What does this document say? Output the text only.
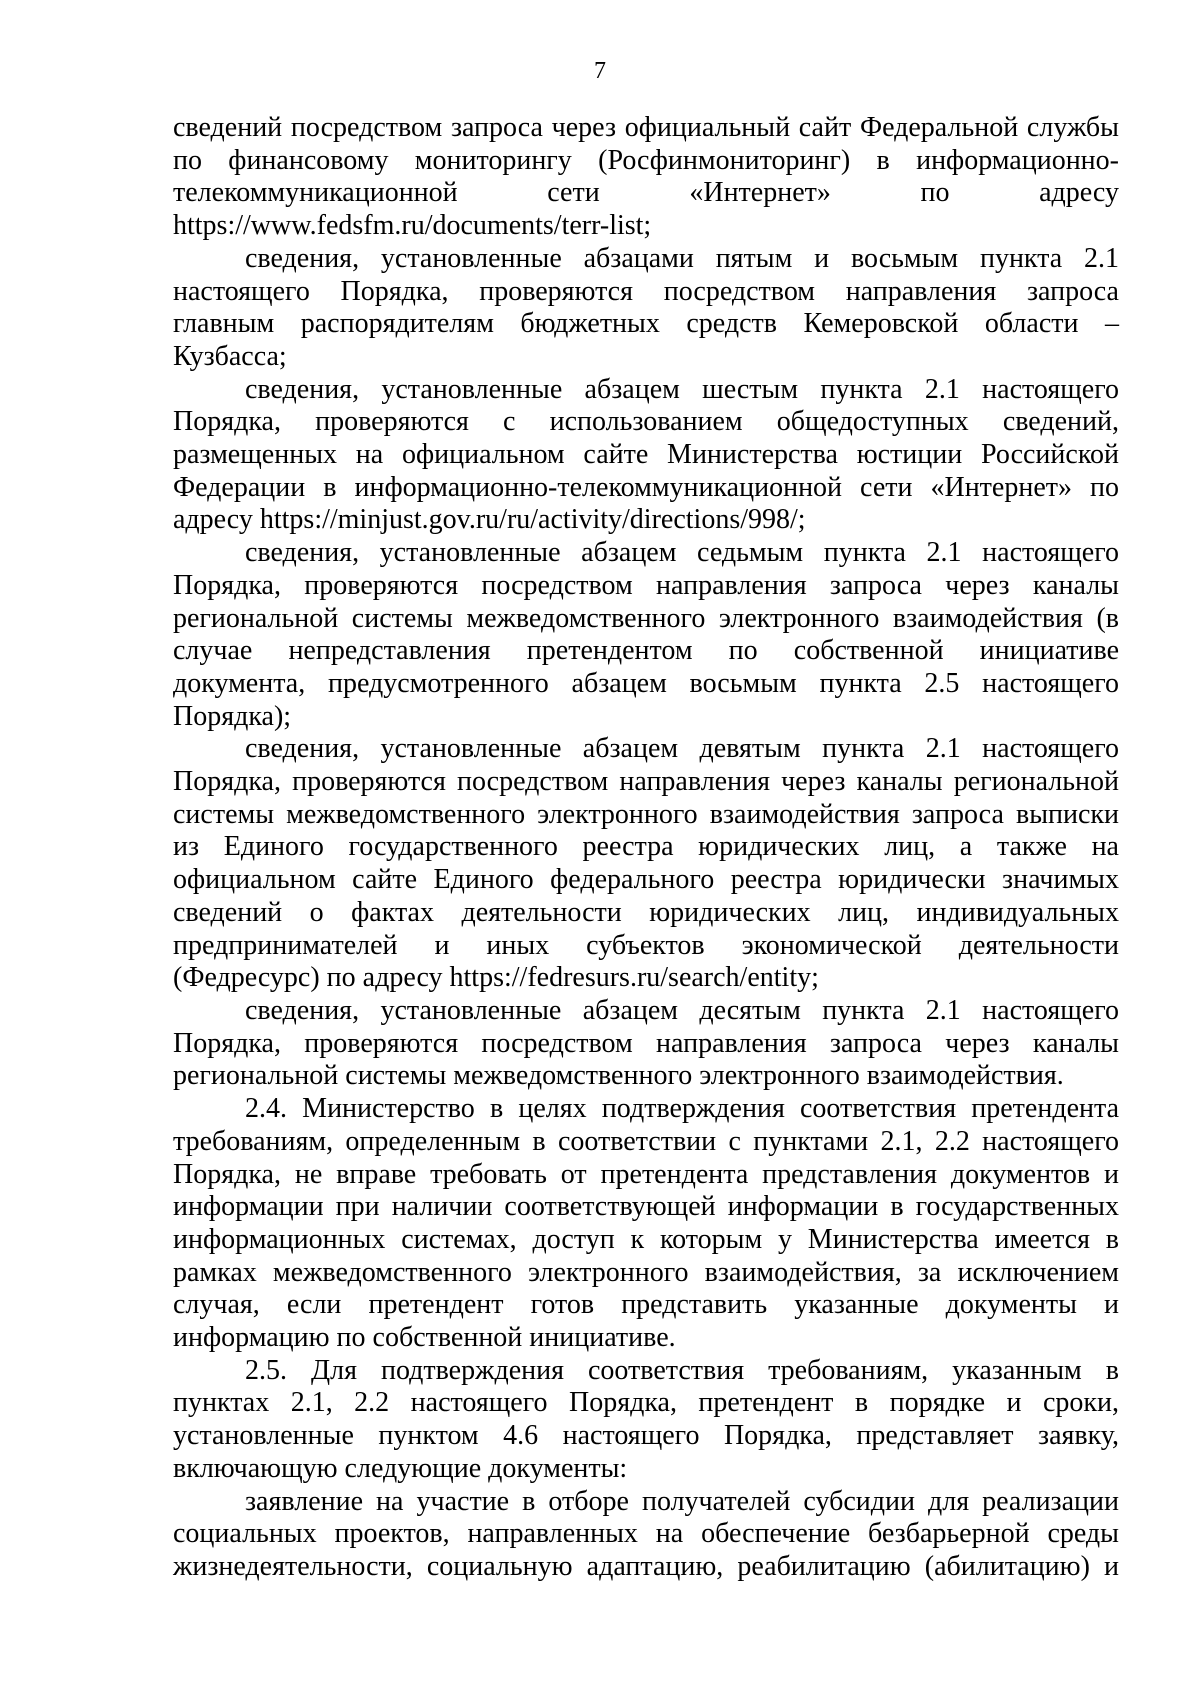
7
сведений посредством запроса через официальный сайт Федеральной службы
по финансовому мониторингу (Росфинмониторинг) в информационно-
телекоммуникационной сети «Интернет» по адресу
https://www.fedsfm.ru/documents/terr-list;
сведения, установленные абзацами пятым и восьмым пункта 2.1
настоящего Порядка, проверяются посредством направления запроса
главным распорядителям бюджетных средств Кемеровской области –
Кузбасса;
сведения, установленные абзацем шестым пункта 2.1 настоящего
Порядка, проверяются с использованием общедоступных сведений,
размещенных на официальном сайте Министерства юстиции Российской
Федерации в информационно-телекоммуникационной сети «Интернет» по
адресу https://minjust.gov.ru/ru/activity/directions/998/;
сведения, установленные абзацем седьмым пункта 2.1 настоящего
Порядка, проверяются посредством направления запроса через каналы
региональной системы межведомственного электронного взаимодействия (в
случае непредставления претендентом по собственной инициативе
документа, предусмотренного абзацем восьмым пункта 2.5 настоящего
Порядка);
сведения, установленные абзацем девятым пункта 2.1 настоящего
Порядка, проверяются посредством направления через каналы региональной
системы межведомственного электронного взаимодействия запроса выписки
из Единого государственного реестра юридических лиц, а также на
официальном сайте Единого федерального реестра юридически значимых
сведений о фактах деятельности юридических лиц, индивидуальных
предпринимателей и иных субъектов экономической деятельности
(Федресурс) по адресу https://fedresurs.ru/search/entity;
сведения, установленные абзацем десятым пункта 2.1 настоящего
Порядка, проверяются посредством направления запроса через каналы
региональной системы межведомственного электронного взаимодействия.
2.4. Министерство в целях подтверждения соответствия претендента
требованиям, определенным в соответствии с пунктами 2.1, 2.2 настоящего
Порядка, не вправе требовать от претендента представления документов и
информации при наличии соответствующей информации в государственных
информационных системах, доступ к которым у Министерства имеется в
рамках межведомственного электронного взаимодействия, за исключением
случая, если претендент готов представить указанные документы и
информацию по собственной инициативе.
2.5. Для подтверждения соответствия требованиям, указанным в
пунктах 2.1, 2.2 настоящего Порядка, претендент в порядке и сроки,
установленные пунктом 4.6 настоящего Порядка, представляет заявку,
включающую следующие документы:
заявление на участие в отборе получателей субсидии для реализации
социальных проектов, направленных на обеспечение безбарьерной среды
жизнедеятельности, социальную адаптацию, реабилитацию (абилитацию) и
